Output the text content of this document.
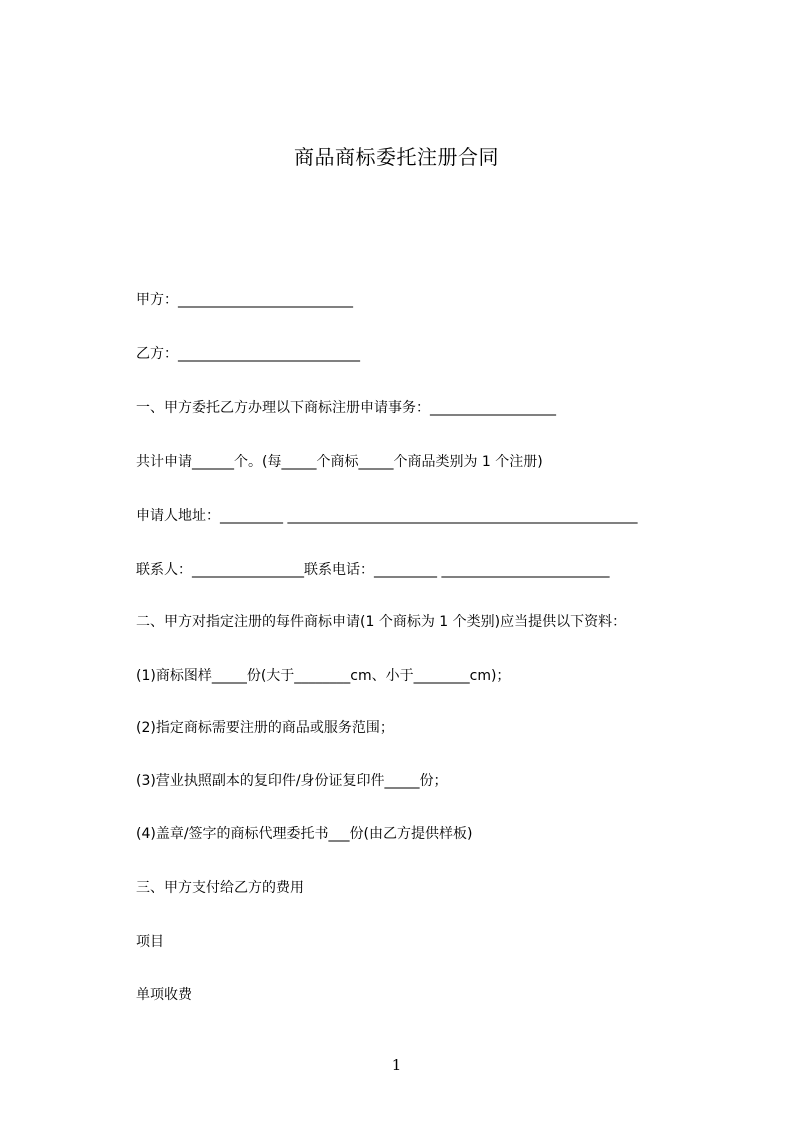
商品商标委托注册合同
甲方：_________________________
乙方：__________________________
一、甲方委托乙方办理以下商标注册申请事务：__________________
共计申请______个。(每_____个商标_____个商品类别为 1 个注册)
申请人地址：_________ __________________________________________________
联系人：________________联系电话：_________ ________________________
二、甲方对指定注册的每件商标申请(1 个商标为 1 个类别)应当提供以下资料：
(1)商标图样_____份(大于________cm、小于________cm)；
(2)指定商标需要注册的商品或服务范围；
(3)营业执照副本的复印件/身份证复印件_____份；
(4)盖章/签字的商标代理委托书___份(由乙方提供样板)
三、甲方支付给乙方的费用
项目
单项收费
1
